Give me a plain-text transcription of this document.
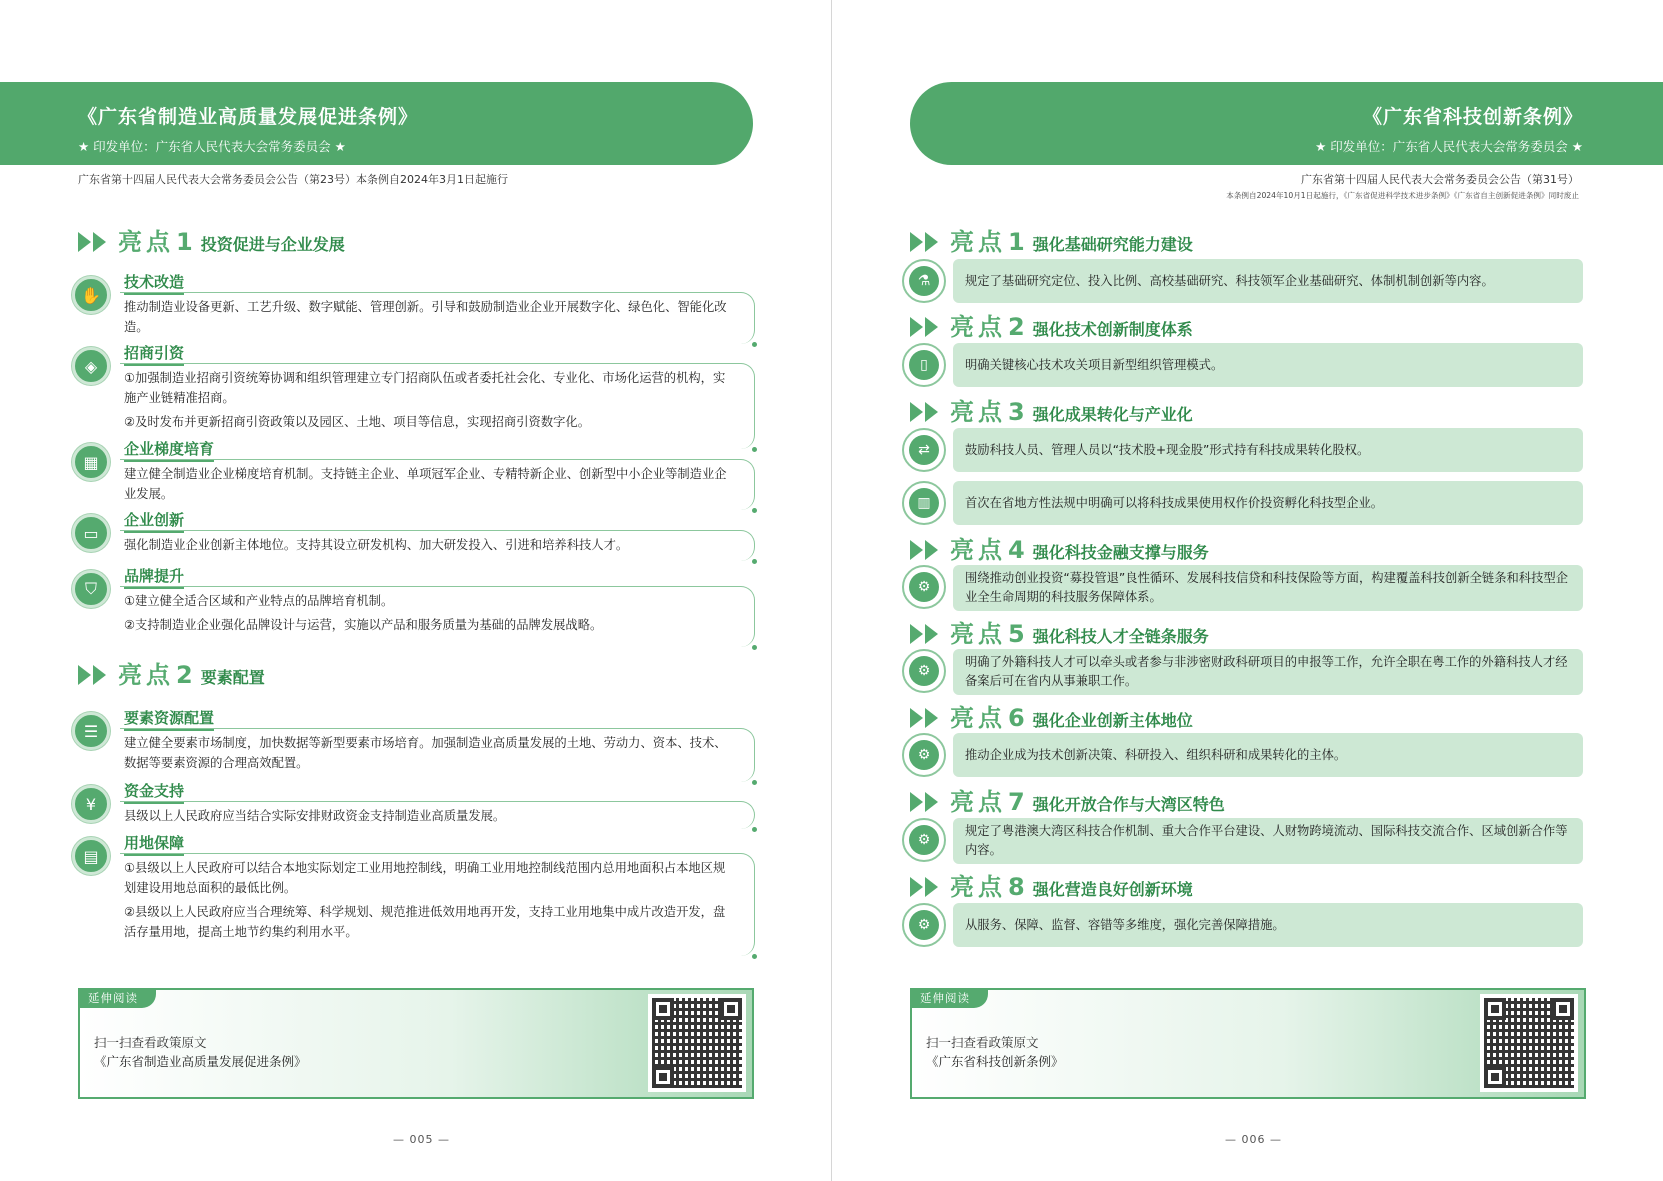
《广东省制造业高质量发展促进条例》
★ 印发单位：广东省人民代表大会常务委员会 ★
广东省第十四届人民代表大会常务委员会公告（第23号）本条例自2024年3月1日起施行
亮点 1 投资促进与企业发展
✋
技术改造

推动制造业设备更新、工艺升级、数字赋能、管理创新。引导和鼓励制造业企业开展数字化、绿色化、智能化改造。

◈
招商引资

①加强制造业招商引资统筹协调和组织管理建立专门招商队伍或者委托社会化、专业化、市场化运营的机构，实施产业链精准招商。

②及时发布并更新招商引资政策以及园区、土地、项目等信息，实现招商引资数字化。

▦
企业梯度培育

建立健全制造业企业梯度培育机制。支持链主企业、单项冠军企业、专精特新企业、创新型中小企业等制造业企业发展。

▭
企业创新

强化制造业企业创新主体地位。支持其设立研发机构、加大研发投入、引进和培养科技人才。

⛉
品牌提升

①建立健全适合区域和产业特点的品牌培育机制。

②支持制造业企业强化品牌设计与运营，实施以产品和服务质量为基础的品牌发展战略。

亮点 2 要素配置
☰
要素资源配置

建立健全要素市场制度，加快数据等新型要素市场培育。加强制造业高质量发展的土地、劳动力、资本、技术、数据等要素资源的合理高效配置。

¥
资金支持

县级以上人民政府应当结合实际安排财政资金支持制造业高质量发展。

▤
用地保障

①县级以上人民政府可以结合本地实际划定工业用地控制线，明确工业用地控制线范围内总用地面积占本地区规划建设用地总面积的最低比例。

②县级以上人民政府应当合理统筹、科学规划、规范推进低效用地再开发，支持工业用地集中成片改造开发，盘活存量用地，提高土地节约集约利用水平。

延伸阅读
扫一扫查看政策原文
《广东省制造业高质量发展促进条例》
— 005 —
《广东省科技创新条例》
★ 印发单位：广东省人民代表大会常务委员会 ★
广东省第十四届人民代表大会常务委员会公告（第31号）
本条例自2024年10月1日起施行，《广东省促进科学技术进步条例》《广东省自主创新促进条例》同时废止
亮点 1 强化基础研究能力建设
⚗	规定了基础研究定位、投入比例、高校基础研究、科技领军企业基础研究、体制机制创新等内容。

亮点 2 强化技术创新制度体系
▯	明确关键核心技术攻关项目新型组织管理模式。

亮点 3 强化成果转化与产业化
⇄	鼓励科技人员、管理人员以“技术股+现金股”形式持有科技成果转化股权。

▥	首次在省地方性法规中明确可以将科技成果使用权作价投资孵化科技型企业。

亮点 4 强化科技金融支撑与服务
⚙

围绕推动创业投资“募投管退”良性循环、发展科技信贷和科技保险等方面，构建覆盖科技创新全链条和科技型企业全生命周期的科技服务保障体系。

亮点 5 强化科技人才全链条服务
⚙

明确了外籍科技人才可以牵头或者参与非涉密财政科研项目的申报等工作，允许全职在粤工作的外籍科技人才经备案后可在省内从事兼职工作。

亮点 6 强化企业创新主体地位
⚙	推动企业成为技术创新决策、科研投入、组织科研和成果转化的主体。

亮点 7 强化开放合作与大湾区特色
⚙

规定了粤港澳大湾区科技合作机制、重大合作平台建设、人财物跨境流动、国际科技交流合作、区域创新合作等内容。

亮点 8 强化营造良好创新环境
⚙	从服务、保障、监督、容错等多维度，强化完善保障措施。

延伸阅读
扫一扫查看政策原文
《广东省科技创新条例》
— 006 —
